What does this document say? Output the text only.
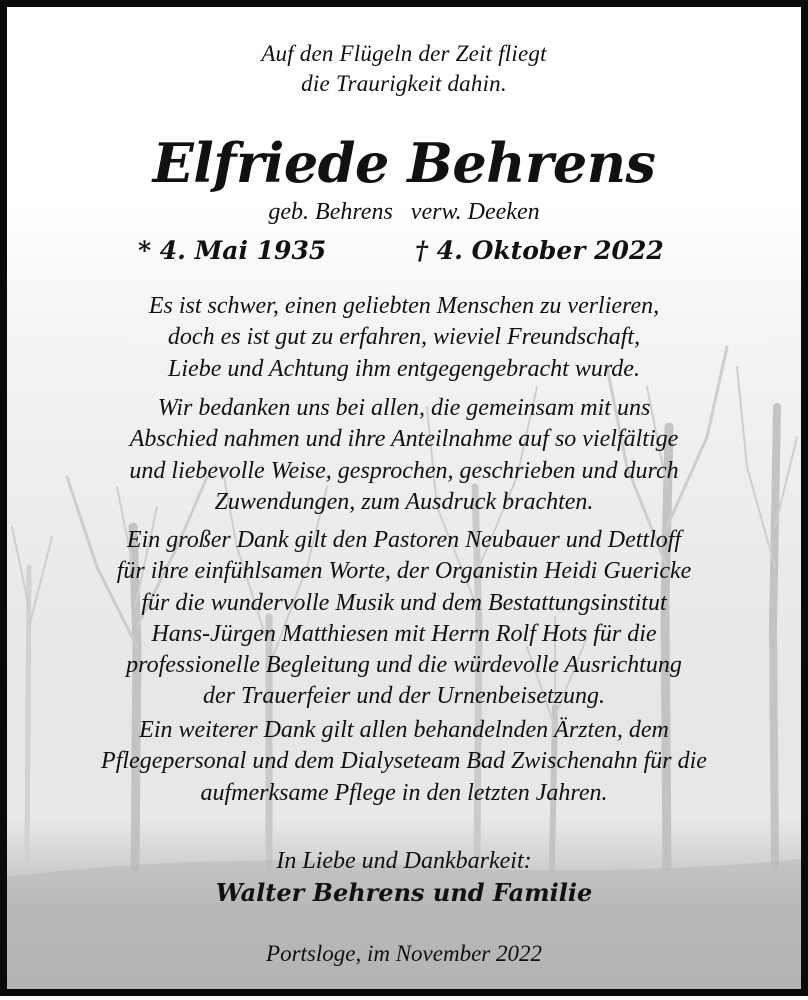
Auf den Flügeln der Zeit fliegt
die Traurigkeit dahin.
Elfriede Behrens
geb. Behrens   verw. Deeken
* 4. Mai 1935	† 4. Oktober 2022
Es ist schwer, einen geliebten Menschen zu verlieren,
doch es ist gut zu erfahren, wieviel Freundschaft,
Liebe und Achtung ihm entgegengebracht wurde.
Wir bedanken uns bei allen, die gemeinsam mit uns
Abschied nahmen und ihre Anteilnahme auf so vielfältige
und liebevolle Weise, gesprochen, geschrieben und durch
Zuwendungen, zum Ausdruck brachten.
Ein großer Dank gilt den Pastoren Neubauer und Dettloff
für ihre einfühlsamen Worte, der Organistin Heidi Guericke
für die wundervolle Musik und dem Bestattungsinstitut
Hans-Jürgen Matthiesen mit Herrn Rolf Hots für die
professionelle Begleitung und die würdevolle Ausrichtung
der Trauerfeier und der Urnenbeisetzung.
Ein weiterer Dank gilt allen behandelnden Ärzten, dem
Pflegepersonal und dem Dialyseteam Bad Zwischenahn für die
aufmerksame Pflege in den letzten Jahren.
In Liebe und Dankbarkeit:
Walter Behrens und Familie
Portsloge, im November 2022
